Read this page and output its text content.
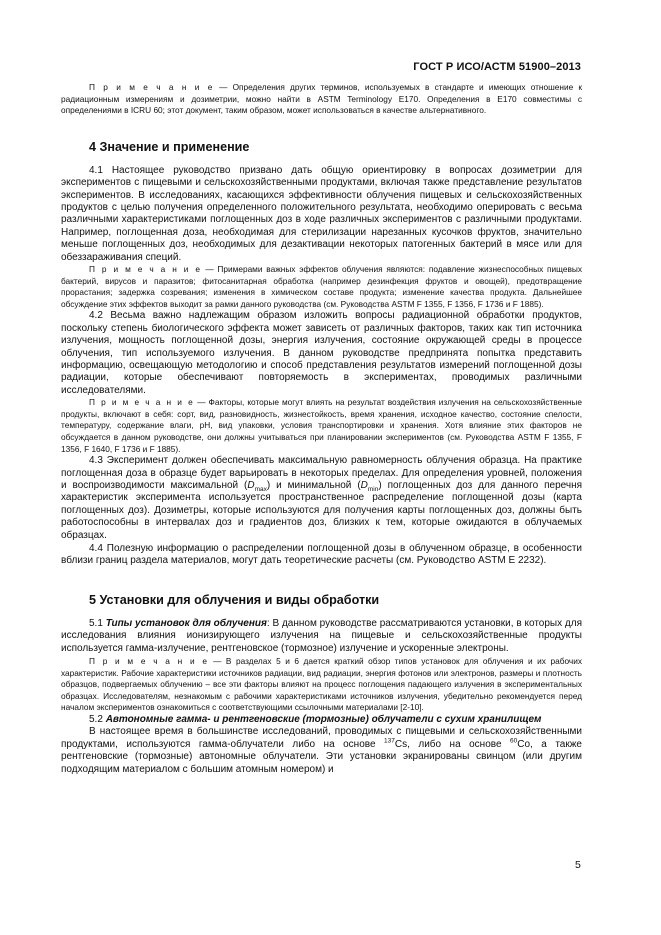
ГОСТ Р ИСО/АСТМ 51900–2013

П р и м е ч а н и е — Определения других терминов, используемых в стандарте и имеющих отношение к радиационным измерениям и дозиметрии, можно найти в ASTM Terminology E170. Определения в E170 совместимы с определениями в ICRU 60; этот документ, таким образом, может использоваться в качестве альтернативного.

4 Значение и применение

4.1 Настоящее руководство призвано дать общую ориентировку в вопросах дозиметрии для экспериментов с пищевыми и сельскохозяйственными продуктами, включая также представление результатов экспериментов. В исследованиях, касающихся эффективности облучения пищевых и сельскохозяйственных продуктов с целью получения определенного положительного результата, необходимо оперировать с весьма различными характеристиками поглощенных доз в ходе различных экспериментов с различными продуктами. Например, поглощенная доза, необходимая для стерилизации нарезанных кусочков фруктов, значительно меньше поглощенных доз, необходимых для дезактивации некоторых патогенных бактерий в мясе или для обеззараживания специй.

П р и м е ч а н и е — Примерами важных эффектов облучения являются: подавление жизнеспособных пищевых бактерий, вирусов и паразитов; фитосанитарная обработка (например дезинфекция фруктов и овощей), предотвращение прорастания; задержка созревания; изменения в химическом составе продукта; изменение качества продукта. Дальнейшее обсуждение этих эффектов выходит за рамки данного руководства (см. Руководства ASTM F 1355, F 1356, F 1736 и F 1885).

4.2 Весьма важно надлежащим образом изложить вопросы радиационной обработки продуктов, поскольку степень биологического эффекта может зависеть от различных факторов, таких как тип источника излучения, мощность поглощенной дозы, энергия излучения, состояние окружающей среды в процессе облучения, тип используемого излучения. В данном руководстве предпринята попытка представить информацию, освещающую методологию и способ представления результатов измерений поглощенной дозы радиации, которые обеспечивают повторяемость в экспериментах, проводимых различными исследователями.

П р и м е ч а н и е — Факторы, которые могут влиять на результат воздействия излучения на сельскохозяйственные продукты, включают в себя: сорт, вид, разновидность, жизнестойкость, время хранения, исходное качество, состояние спелости, температуру, содержание влаги, pH, вид упаковки, условия транспортировки и хранения. Хотя влияние этих факторов не обсуждается в данном руководстве, они должны учитываться при планировании экспериментов (см. Руководства ASTM F 1355, F 1356, F 1640, F 1736 и F 1885).

4.3 Эксперимент должен обеспечивать максимальную равномерность облучения образца. На практике поглощенная доза в образце будет варьировать в некоторых пределах. Для определения уровней, положения и воспроизводимости максимальной $(D_{max})$ и минимальной $(D_{min})$ поглощенных доз для данного перечня характеристик эксперимента используется пространственное распределение поглощенной дозы (карта поглощенных доз). Дозиметры, которые используются для получения карты поглощенных доз, должны быть работоспособны в интервалах доз и градиентов доз, близких к тем, которые ожидаются в облучаемых образцах.

4.4 Полезную информацию о распределении поглощенной дозы в облученном образце, в особенности вблизи границ раздела материалов, могут дать теоретические расчеты (см. Руководство ASTM E 2232).

5 Установки для облучения и виды обработки

5.1 Типы установок для облучения: В данном руководстве рассматриваются установки, в которых для исследования влияния ионизирующего излучения на пищевые и сельскохозяйственные продукты используется гамма-излучение, рентгеновское (тормозное) излучение и ускоренные электроны.

П р и м е ч а н и е — В разделах 5 и 6 дается краткий обзор типов установок для облучения и их рабочих характеристик. Рабочие характеристики источников радиации, вид радиации, энергия фотонов или электронов, размеры и плотность образцов, подвергаемых облучению – все эти факторы влияют на процесс поглощения падающего излучения в экспериментальных образцах. Исследователям, незнакомым с рабочими характеристиками источников излучения, убедительно рекомендуется перед началом экспериментов ознакомиться с соответствующими ссылочными материалами [2-10].

5.2 Автономные гамма- и рентгеновские (тормозные) облучатели с сухим хранилищем

В настоящее время в большинстве исследований, проводимых с пищевыми и сельскохозяйственными продуктами, используются гамма-облучатели либо на основе $^{137}$Cs, либо на основе $^{60}$Co, а также рентгеновские (тормозные) автономные облучатели. Эти установки экранированы свинцом (или другим подходящим материалом с большим атомным номером) и

5
